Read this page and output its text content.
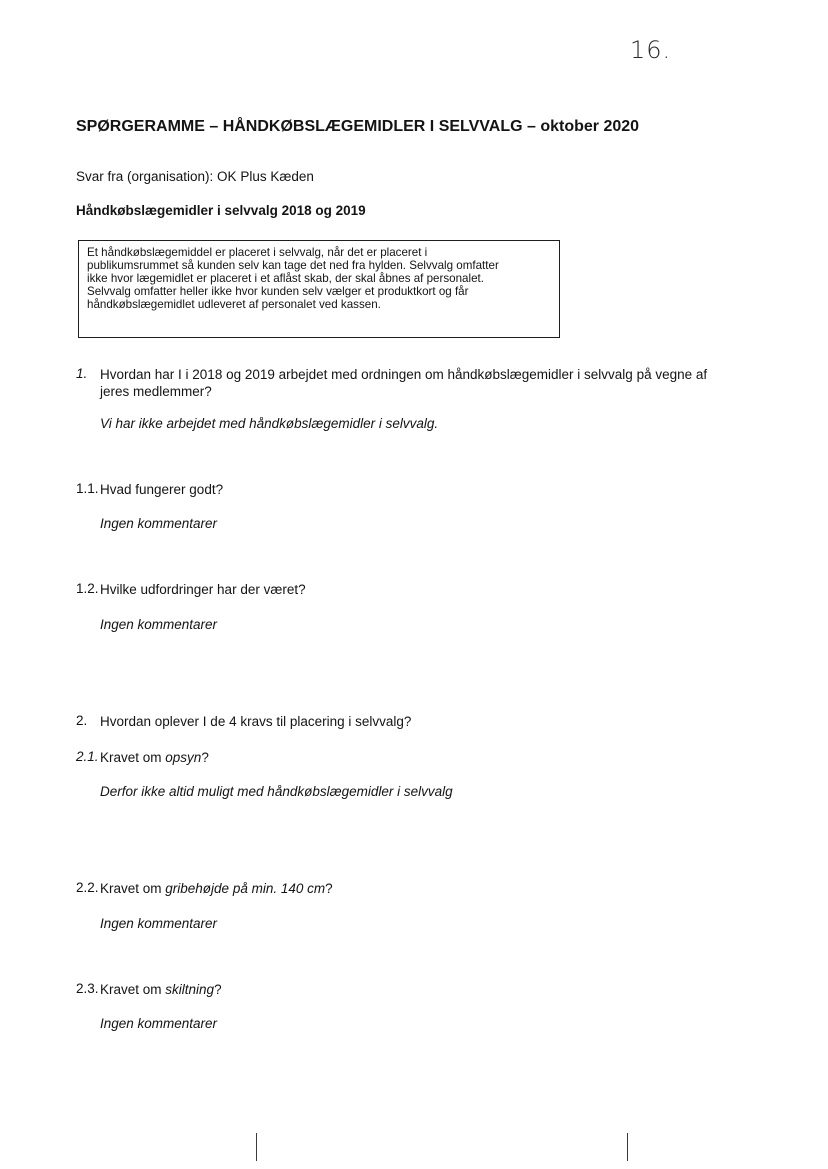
16.
SPØRGERAMME – HÅNDKØBSLÆGEMIDLER I SELVVALG – oktober 2020
Svar fra (organisation): OK Plus Kæden
Håndkøbslægemidler i selvvalg 2018 og 2019
Et håndkøbslægemiddel er placeret i selvvalg, når det er placeret i
publikumsrummet så kunden selv kan tage det ned fra hylden. Selvvalg omfatter
ikke hvor lægemidlet er placeret i et aflåst skab, der skal åbnes af personalet.
Selvvalg omfatter heller ikke hvor kunden selv vælger et produktkort og får
håndkøbslægemidlet udleveret af personalet ved kassen.
1. Hvordan har I i 2018 og 2019 arbejdet med ordningen om håndkøbslægemidler i selvvalg på vegne af
jeres medlemmer?
Vi har ikke arbejdet med håndkøbslægemidler i selvvalg.
1.1. Hvad fungerer godt?
Ingen kommentarer
1.2. Hvilke udfordringer har der været?
Ingen kommentarer
2. Hvordan oplever I de 4 kravs til placering i selvvalg?
2.1. Kravet om opsyn?
Derfor ikke altid muligt med håndkøbslægemidler i selvvalg
2.2. Kravet om gribehøjde på min. 140 cm?
Ingen kommentarer
2.3. Kravet om skiltning?
Ingen kommentarer
